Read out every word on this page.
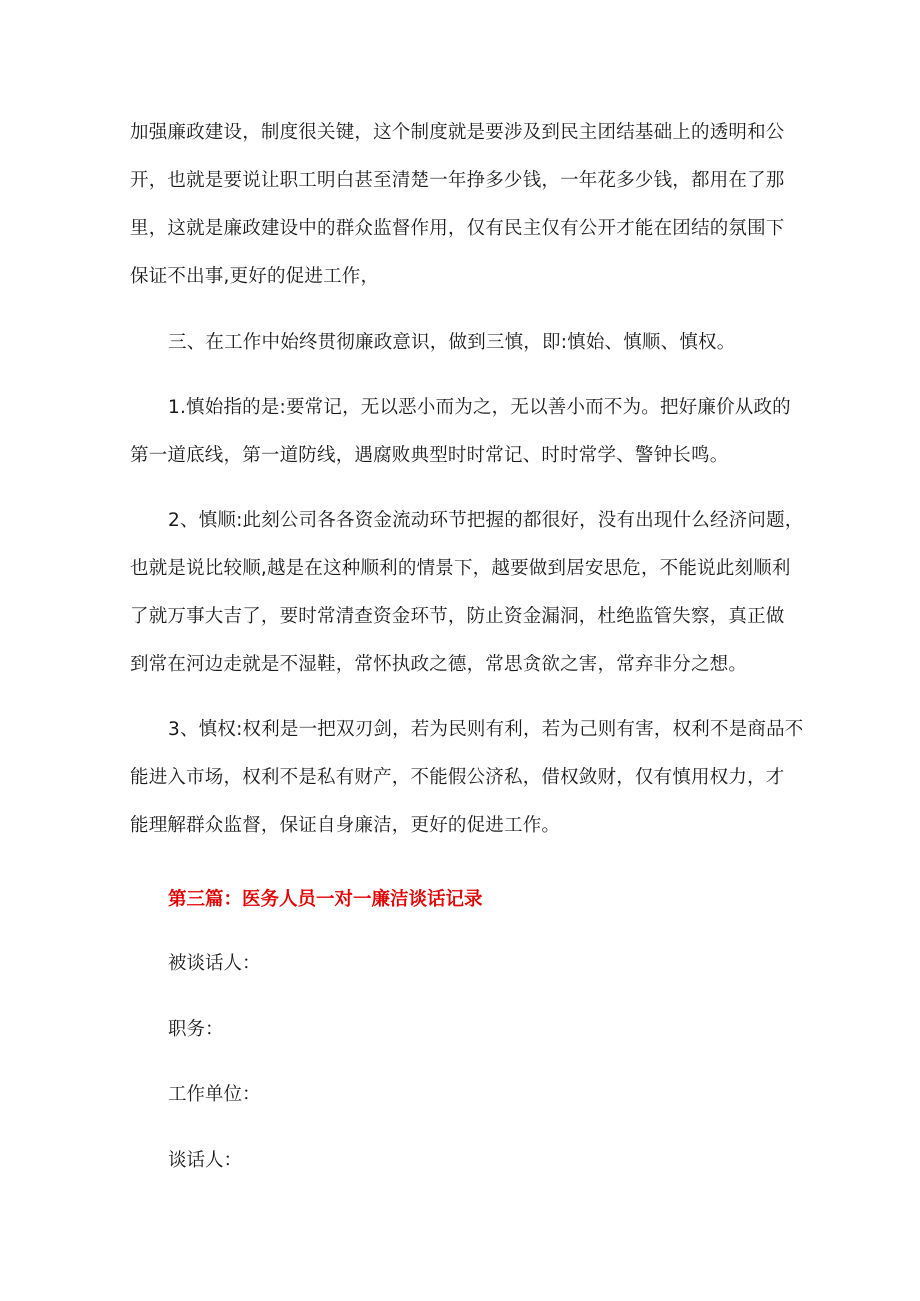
加强廉政建设，制度很关键，这个制度就是要涉及到民主团结基础上的透明和公
开，也就是要说让职工明白甚至清楚一年挣多少钱，一年花多少钱，都用在了那
里，这就是廉政建设中的群众监督作用，仅有民主仅有公开才能在团结的氛围下
保证不出事,更好的促进工作，
三、在工作中始终贯彻廉政意识，做到三慎，即:慎始、慎顺、慎权。
1.慎始指的是:要常记，无以恶小而为之，无以善小而不为。把好廉价从政的
第一道底线，第一道防线，遇腐败典型时时常记、时时常学、警钟长鸣。
2、慎顺:此刻公司各各资金流动环节把握的都很好，没有出现什么经济问题，
也就是说比较顺,越是在这种顺利的情景下，越要做到居安思危，不能说此刻顺利
了就万事大吉了，要时常清查资金环节，防止资金漏洞，杜绝监管失察，真正做
到常在河边走就是不湿鞋，常怀执政之德，常思贪欲之害，常弃非分之想。
3、慎权:权利是一把双刃剑，若为民则有利，若为己则有害，权利不是商品不
能进入市场，权利不是私有财产，不能假公济私，借权敛财，仅有慎用权力，才
能理解群众监督，保证自身廉洁，更好的促进工作。
第三篇：医务人员一对一廉洁谈话记录
被谈话人：
职务：
工作单位：
谈话人：
